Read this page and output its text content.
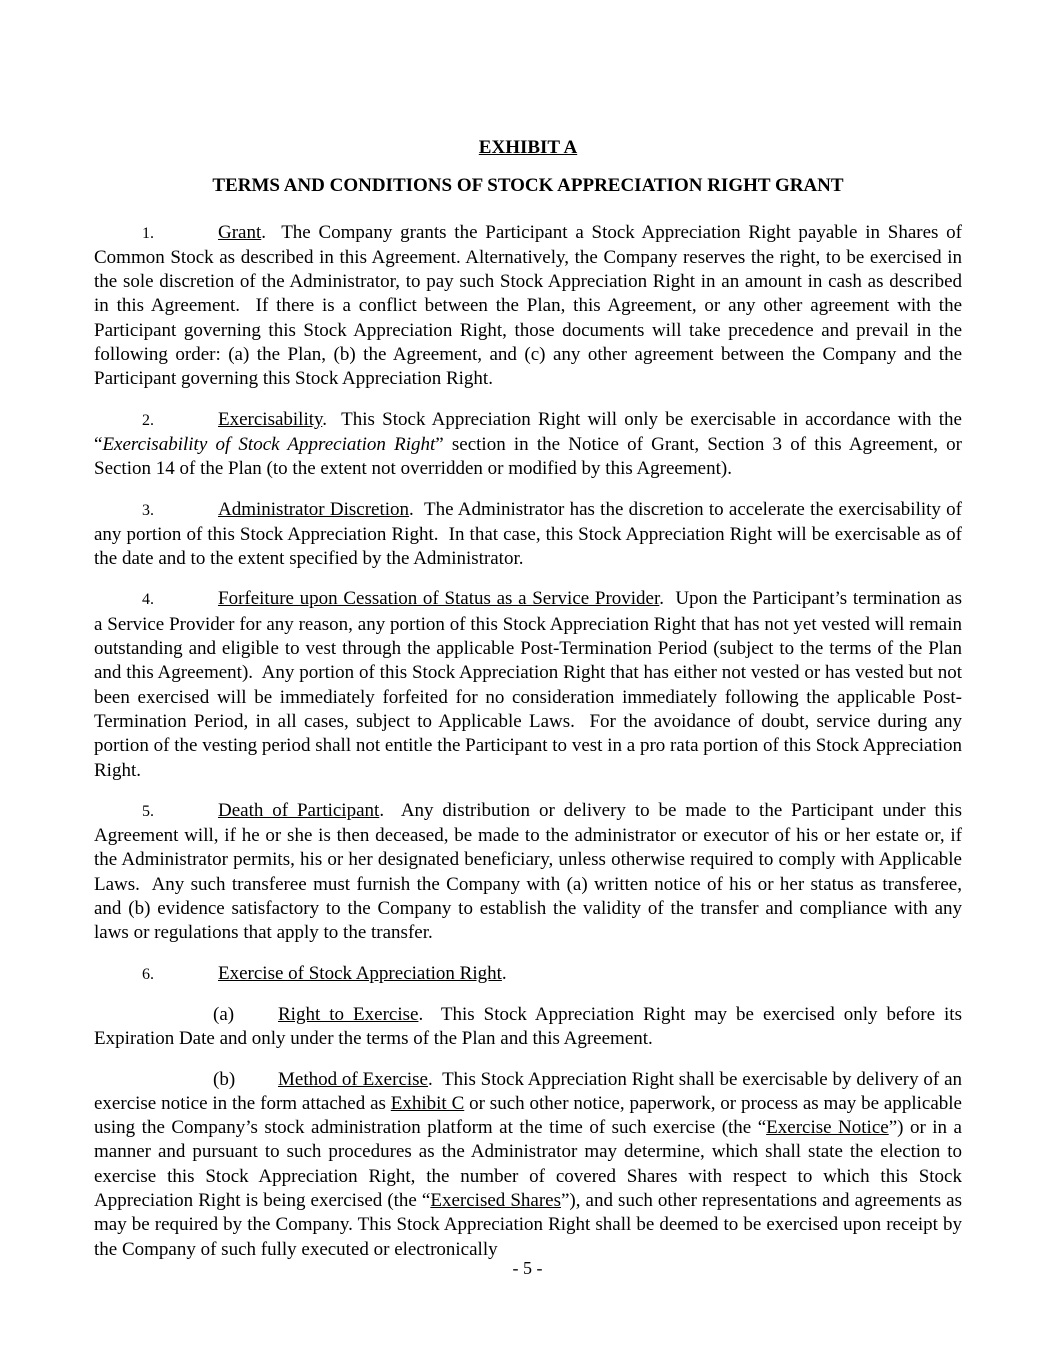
EXHIBIT A

TERMS AND CONDITIONS OF STOCK APPRECIATION RIGHT GRANT

1.	Grant.  The Company grants the Participant a Stock Appreciation Right payable in Shares of Common Stock as described in this Agreement. Alternatively, the Company reserves the right, to be exercised in the sole discretion of the Administrator, to pay such Stock Appreciation Right in an amount in cash as described in this Agreement.  If there is a conflict between the Plan, this Agreement, or any other agreement with the Participant governing this Stock Appreciation Right, those documents will take precedence and prevail in the following order: (a) the Plan, (b) the Agreement, and (c) any other agreement between the Company and the Participant governing this Stock Appreciation Right.

2.	Exercisability.  This Stock Appreciation Right will only be exercisable in accordance with the “Exercisability of Stock Appreciation Right” section in the Notice of Grant, Section 3 of this Agreement, or Section 14 of the Plan (to the extent not overridden or modified by this Agreement).

3.	Administrator Discretion.  The Administrator has the discretion to accelerate the exercisability of any portion of this Stock Appreciation Right.  In that case, this Stock Appreciation Right will be exercisable as of the date and to the extent specified by the Administrator.

4.	Forfeiture upon Cessation of Status as a Service Provider.  Upon the Participant’s termination as a Service Provider for any reason, any portion of this Stock Appreciation Right that has not yet vested will remain outstanding and eligible to vest through the applicable Post-Termination Period (subject to the terms of the Plan and this Agreement).  Any portion of this Stock Appreciation Right that has either not vested or has vested but not been exercised will be immediately forfeited for no consideration immediately following the applicable Post-Termination Period, in all cases, subject to Applicable Laws.  For the avoidance of doubt, service during any portion of the vesting period shall not entitle the Participant to vest in a pro rata portion of this Stock Appreciation Right.

5.	Death of Participant.  Any distribution or delivery to be made to the Participant under this Agreement will, if he or she is then deceased, be made to the administrator or executor of his or her estate or, if the Administrator permits, his or her designated beneficiary, unless otherwise required to comply with Applicable Laws.  Any such transferee must furnish the Company with (a) written notice of his or her status as transferee, and (b) evidence satisfactory to the Company to establish the validity of the transfer and compliance with any laws or regulations that apply to the transfer.

6.	Exercise of Stock Appreciation Right.

(a) Right to Exercise.  This Stock Appreciation Right may be exercised only before its Expiration Date and only under the terms of the Plan and this Agreement.

(b) Method of Exercise.  This Stock Appreciation Right shall be exercisable by delivery of an exercise notice in the form attached as Exhibit C or such other notice, paperwork, or process as may be applicable using the Company’s stock administration platform at the time of such exercise (the “Exercise Notice”) or in a manner and pursuant to such procedures as the Administrator may determine, which shall state the election to exercise this Stock Appreciation Right, the number of covered Shares with respect to which this Stock Appreciation Right is being exercised (the “Exercised Shares”), and such other representations and agreements as may be required by the Company. This Stock Appreciation Right shall be deemed to be exercised upon receipt by the Company of such fully executed or electronically

- 5 -
